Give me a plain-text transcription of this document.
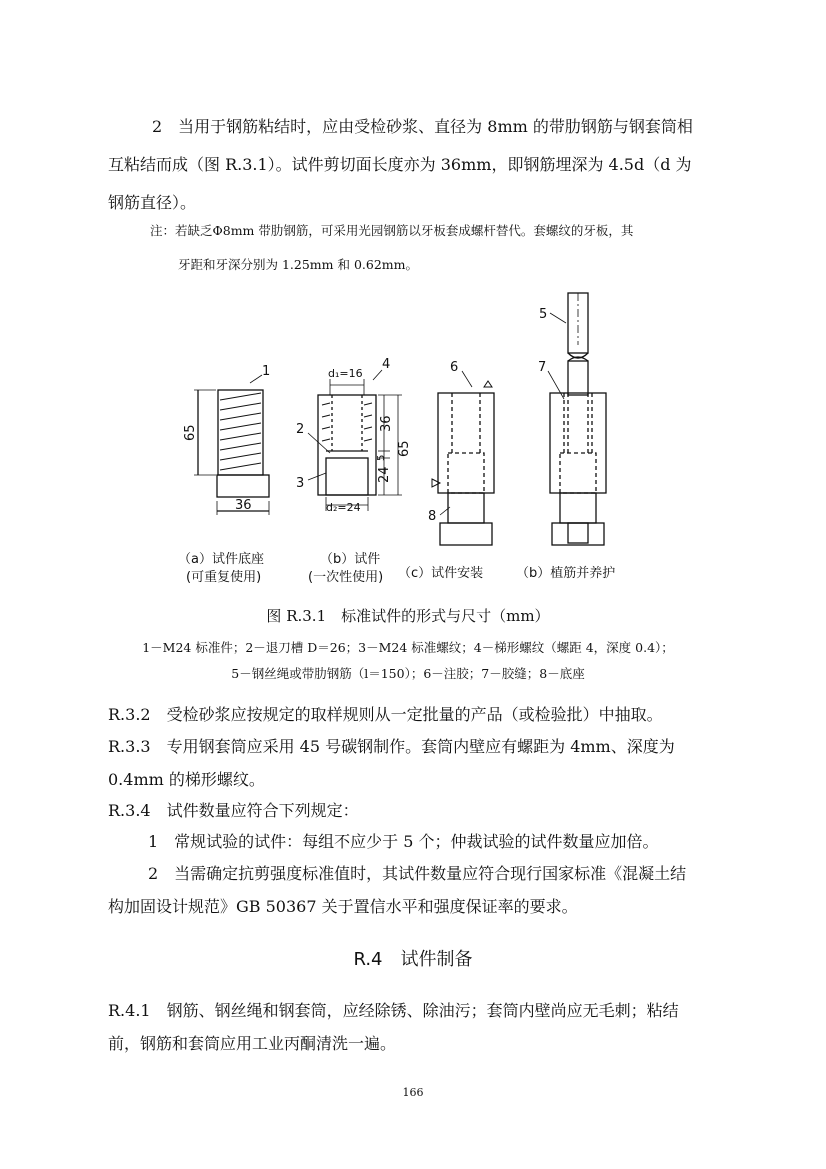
2　当用于钢筋粘结时，应由受检砂浆、直径为 8mm 的带肋钢筋与钢套筒相
互粘结而成（图 R.3.1）。试件剪切面长度亦为 36mm，即钢筋埋深为 4.5d（d 为
钢筋直径）。
注：若缺乏Φ8mm 带肋钢筋，可采用光园钢筋以牙板套成螺杆替代。套螺纹的牙板，其
牙距和牙深分别为 1.25mm 和 0.62mm。
1	4
2
3
5
6	7
8
65
36
d₁=16
d₂=24
36
5
24
65
（a）试件底座
(可重复使用)
（b）试件
(一次性使用) （c）试件安装	（b）植筋并养护
图 R.3.1　标准试件的形式与尺寸（mm）
1－M24 标准件；2－退刀槽 D＝26；3－M24 标准螺纹；4－梯形螺纹（螺距 4，深度 0.4）；
5－钢丝绳或带肋钢筋（l＝150）；6－注胶；7－胶缝；8－底座
R.3.2　受检砂浆应按规定的取样规则从一定批量的产品（或检验批）中抽取。
R.3.3　专用钢套筒应采用 45 号碳钢制作。套筒内壁应有螺距为 4mm、深度为
0.4mm 的梯形螺纹。
R.3.4　试件数量应符合下列规定：
1　常规试验的试件：每组不应少于 5 个；仲裁试验的试件数量应加倍。
2　当需确定抗剪强度标准值时，其试件数量应符合现行国家标准《混凝土结
构加固设计规范》GB 50367 关于置信水平和强度保证率的要求。
R.4　试件制备
R.4.1　钢筋、钢丝绳和钢套筒，应经除锈、除油污；套筒内壁尚应无毛刺；粘结
前，钢筋和套筒应用工业丙酮清洗一遍。
166
